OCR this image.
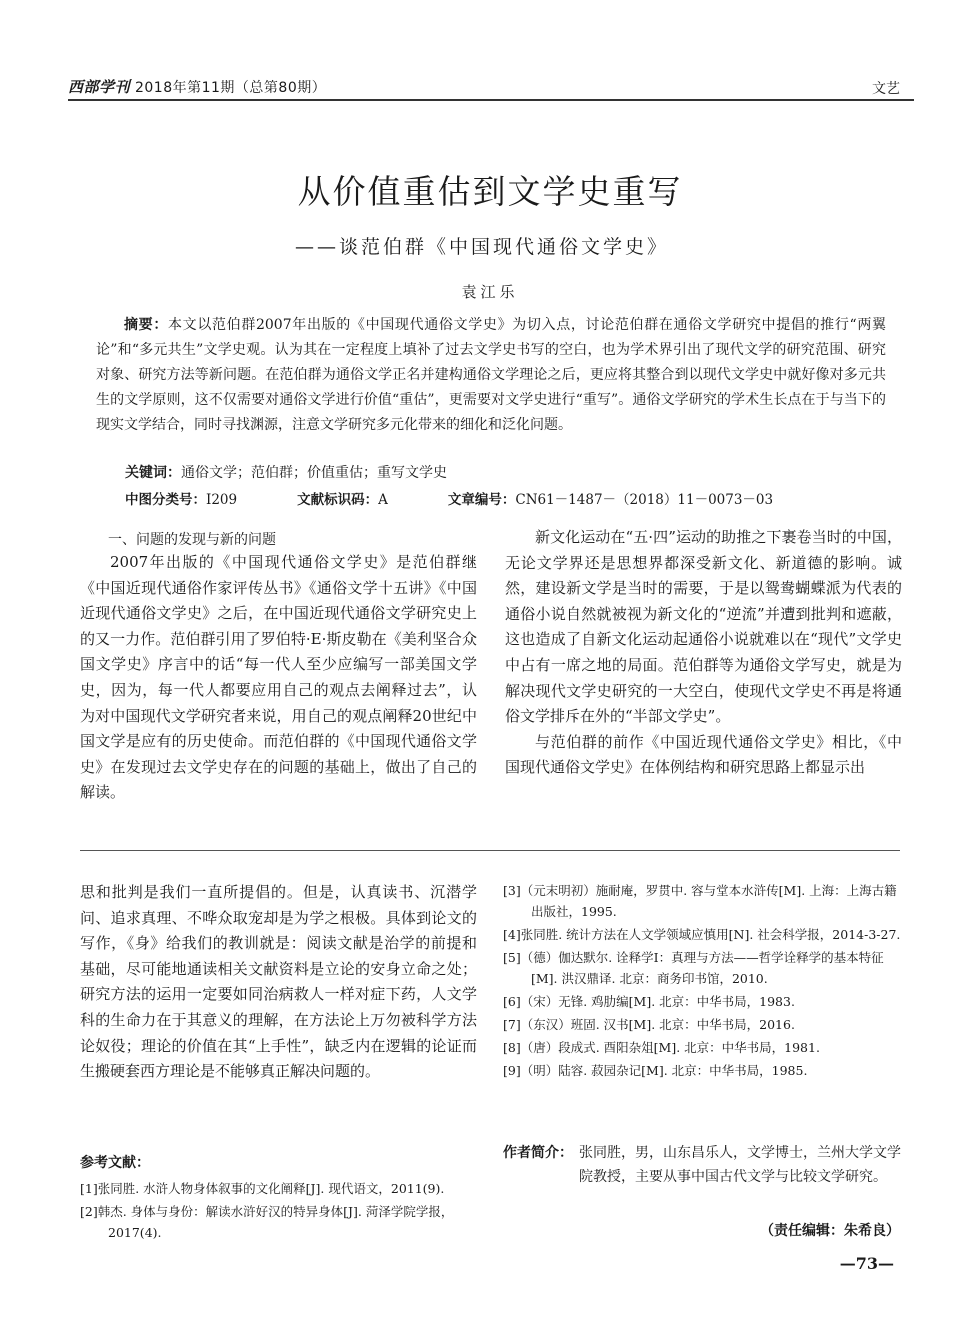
西部学刊 2018年第11期（总第80期）	文艺
从价值重估到文学史重写
——谈范伯群《中国现代通俗文学史》
袁江乐
摘要：本文以范伯群2007年出版的《中国现代通俗文学史》为切入点，讨论范伯群在通俗文学研究中提倡的推行“两翼论”和“多元共生”文学史观。认为其在一定程度上填补了过去文学史书写的空白，也为学术界引出了现代文学的研究范围、研究对象、研究方法等新问题。在范伯群为通俗文学正名并建构通俗文学理论之后，更应将其整合到以现代文学史中就好像对多元共生的文学原则，这不仅需要对通俗文学进行价值“重估”，更需要对文学史进行“重写”。通俗文学研究的学术生长点在于与当下的现实文学结合，同时寻找渊源，注意文学研究多元化带来的细化和泛化问题。
关键词：通俗文学；范伯群；价值重估；重写文学史
中图分类号：I209	文献标识码：A	文章编号：CN61－1487－（2018）11－0073－03
一、问题的发现与新的问题

2007年出版的《中国现代通俗文学史》是范伯群继《中国近现代通俗作家评传丛书》《通俗文学十五讲》《中国近现代通俗文学史》之后，在中国近现代通俗文学研究史上的又一力作。范伯群引用了罗伯特·E·斯皮勒在《美利坚合众国文学史》序言中的话“每一代人至少应编写一部美国文学史，因为，每一代人都要应用自己的观点去阐释过去”，认为对中国现代文学研究者来说，用自己的观点阐释20世纪中国文学是应有的历史使命。而范伯群的《中国现代通俗文学史》在发现过去文学史存在的问题的基础上，做出了自己的解读。

新文化运动在“五·四”运动的助推之下裹卷当时的中国，无论文学界还是思想界都深受新文化、新道德的影响。诚然，建设新文学是当时的需要，于是以鸳鸯蝴蝶派为代表的通俗小说自然就被视为新文化的“逆流”并遭到批判和遮蔽，这也造成了自新文化运动起通俗小说就难以在“现代”文学史中占有一席之地的局面。范伯群等为通俗文学写史，就是为解决现代文学史研究的一大空白，使现代文学史不再是将通俗文学排斥在外的“半部文学史”。

与范伯群的前作《中国近现代通俗文学史》相比，《中国现代通俗文学史》在体例结构和研究思路上都显示出

思和批判是我们一直所提倡的。但是，认真读书、沉潜学问、追求真理、不哗众取宠却是为学之根极。具体到论文的写作，《身》给我们的教训就是：阅读文献是治学的前提和基础，尽可能地通读相关文献资料是立论的安身立命之处；研究方法的运用一定要如同治病救人一样对症下药，人文学科的生命力在于其意义的理解，在方法论上万勿被科学方法论奴役；理论的价值在其“上手性”，缺乏内在逻辑的论证而生搬硬套西方理论是不能够真正解决问题的。

参考文献：

[1]张同胜. 水浒人物身体叙事的文化阐释[J]. 现代语文，2011(9).

[2]韩杰. 身体与身份：解读水浒好汉的特异身体[J]. 菏泽学院学报，2017(4).

[3]（元末明初）施耐庵，罗贯中. 容与堂本水浒传[M]. 上海：上海古籍出版社，1995.

[4]张同胜. 统计方法在人文学领域应慎用[N]. 社会科学报，2014-3-27.

[5]（德）伽达默尔. 诠释学I：真理与方法——哲学诠释学的基本特征[M]. 洪汉鼎译. 北京：商务印书馆，2010.

[6]（宋）无锋. 鸡肋编[M]. 北京：中华书局，1983.

[7]（东汉）班固. 汉书[M]. 北京：中华书局，2016.

[8]（唐）段成式. 酉阳杂俎[M]. 北京：中华书局，1981.

[9]（明）陆容. 菽园杂记[M]. 北京：中华书局，1985.

作者简介： 张同胜，男，山东昌乐人，文学博士，兰州大学文学院教授，主要从事中国古代文学与比较文学研究。
（责任编辑：朱希良）
—73—
